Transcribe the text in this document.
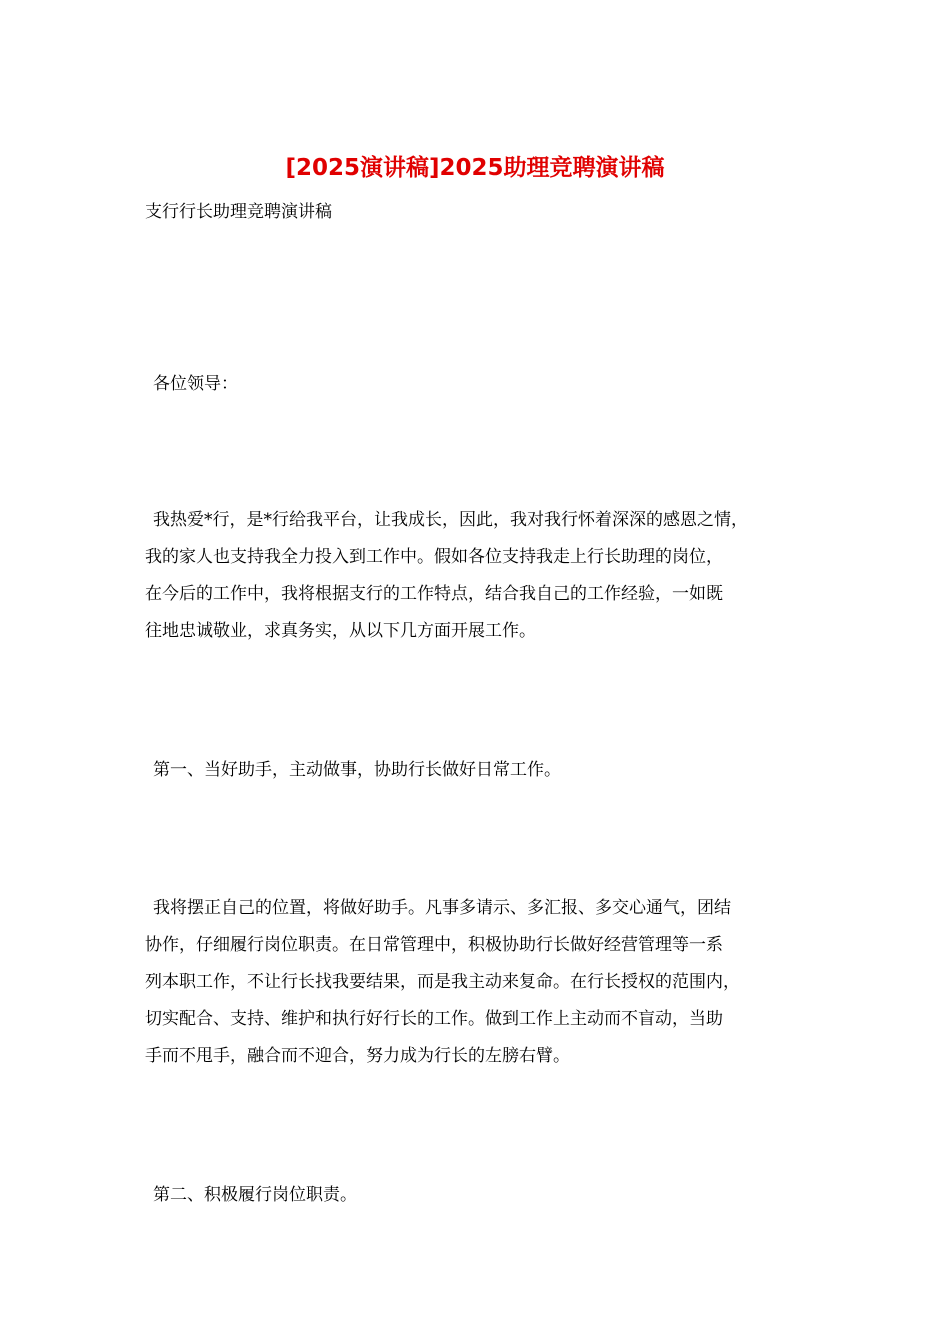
[2025演讲稿]2025助理竞聘演讲稿

支行行长助理竞聘演讲稿

各位领导：

我热爱*行，是*行给我平台，让我成长，因此，我对我行怀着深深的感恩之情，
我的家人也支持我全力投入到工作中。假如各位支持我走上行长助理的岗位，
在今后的工作中，我将根据支行的工作特点，结合我自己的工作经验，一如既
往地忠诚敬业，求真务实，从以下几方面开展工作。
第一、当好助手，主动做事，协助行长做好日常工作。
我将摆正自己的位置，将做好助手。凡事多请示、多汇报、多交心通气，团结
协作，仔细履行岗位职责。在日常管理中，积极协助行长做好经营管理等一系
列本职工作，不让行长找我要结果，而是我主动来复命。在行长授权的范围内，
切实配合、支持、维护和执行好行长的工作。做到工作上主动而不盲动，当助
手而不甩手，融合而不迎合，努力成为行长的左膀右臂。
第二、积极履行岗位职责。
